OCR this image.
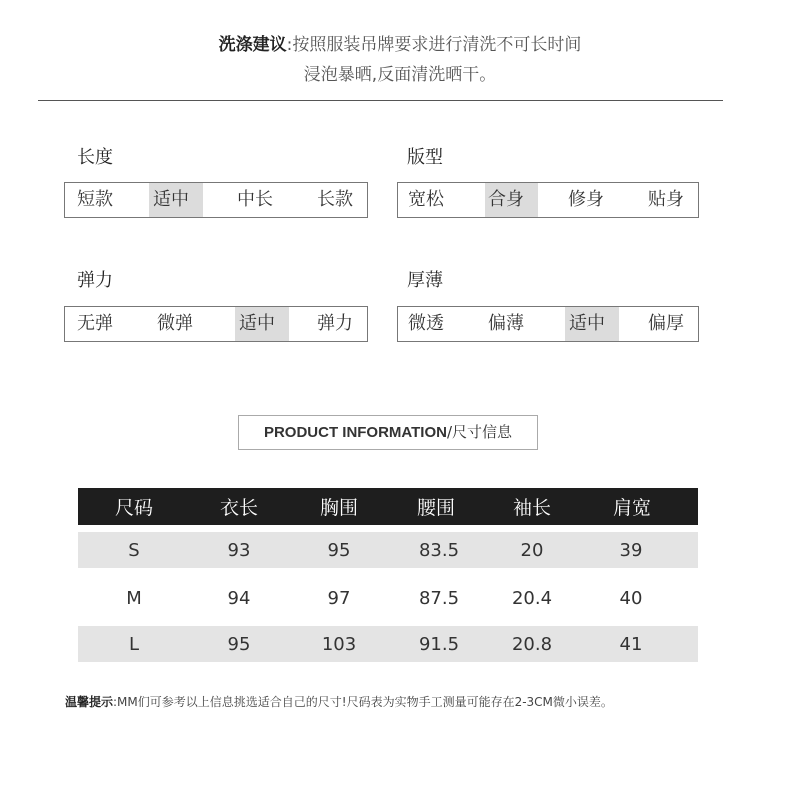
洗涤建议:按照服装吊牌要求进行清洗不可长时间
浸泡暴晒,反面清洗晒干。
长度
短款 适中	中长 长款
版型
宽松 合身	修身 贴身
弹力
无弹 微弹	适中	弹力
厚薄
微透 偏薄	适中	偏厚
PRODUCT INFORMATION/尺寸信息
尺码	衣长	胸围	腰围	袖长	肩宽
S	93	95	83.5	20	39
M	94	97	87.5	20.4	40
L	95	103	91.5	20.8	41
温馨提示:MM们可参考以上信息挑选适合自己的尺寸!尺码表为实物手工测量可能存在2-3CM微小误差。
